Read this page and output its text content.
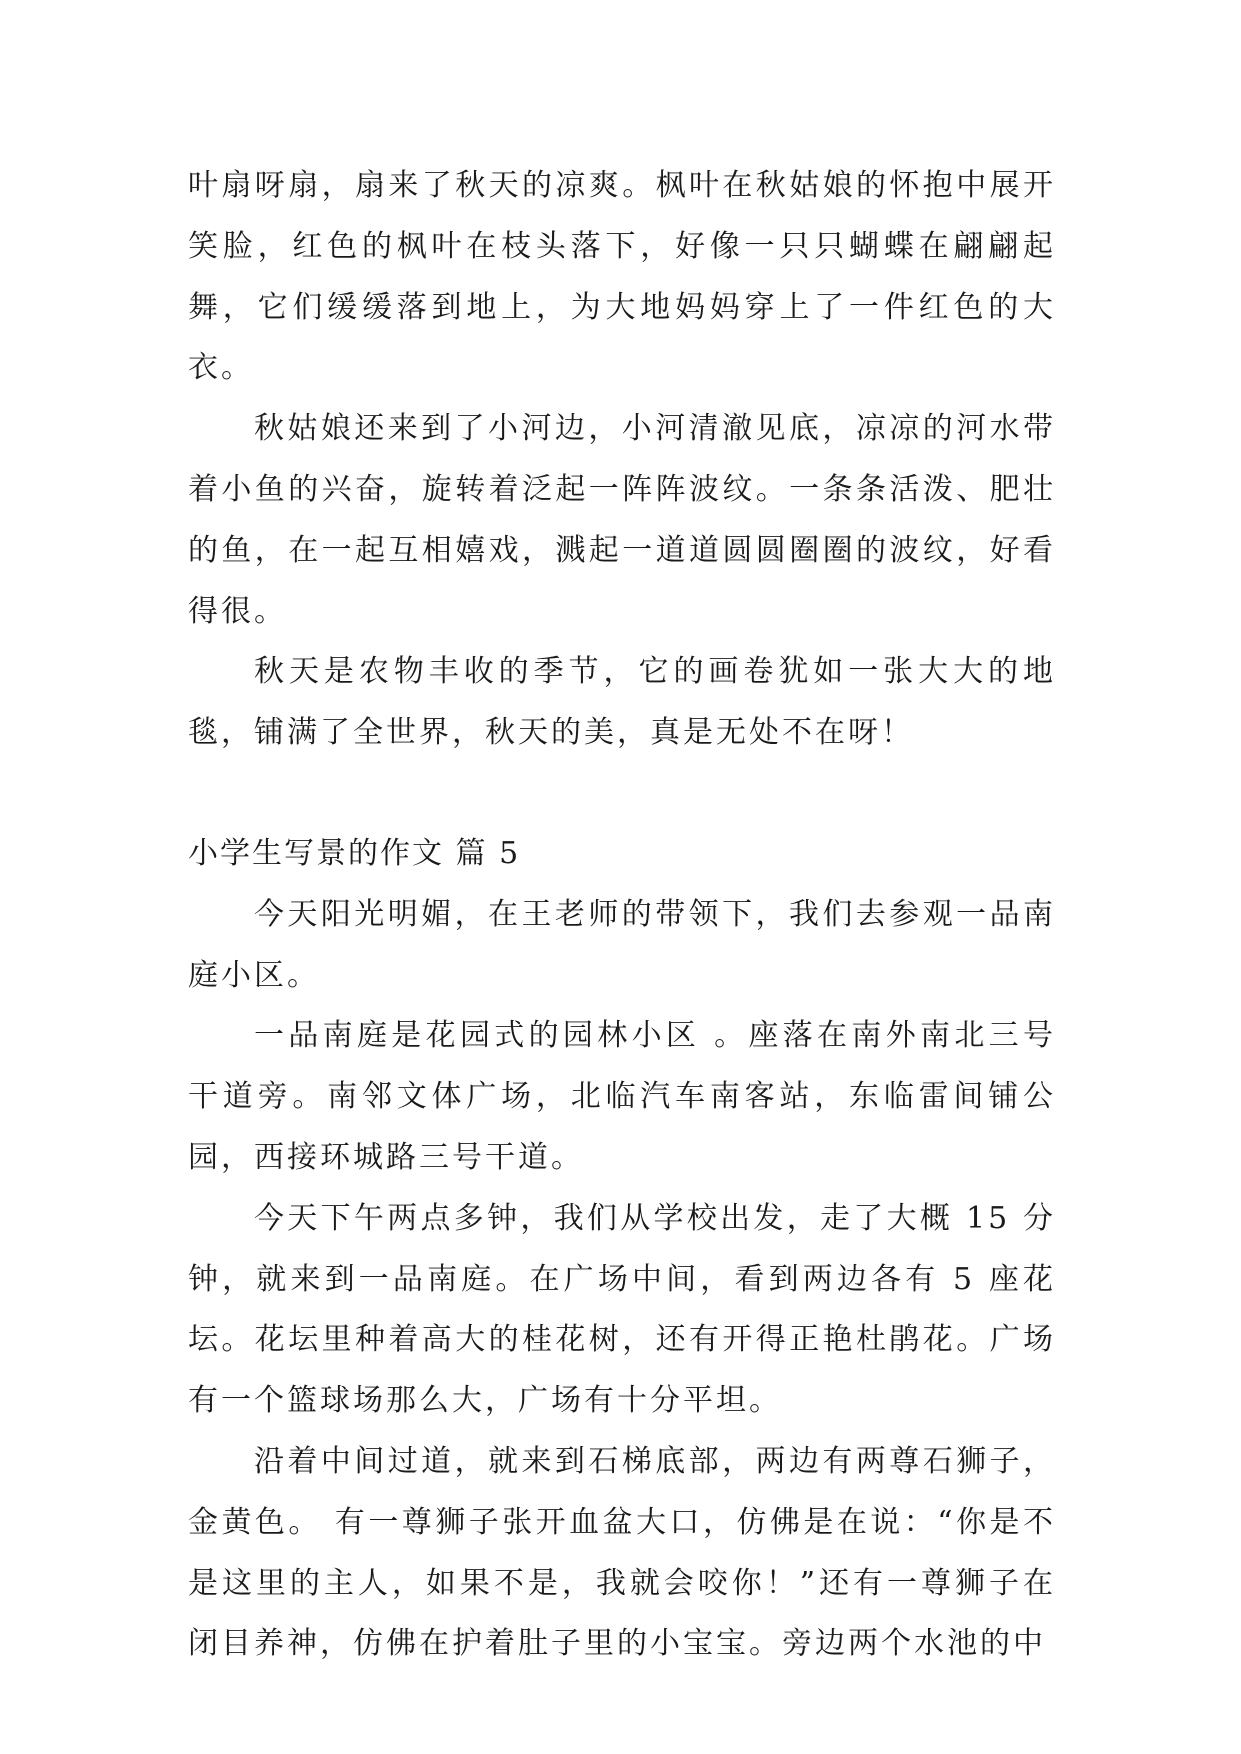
叶扇呀扇，扇来了秋天的凉爽。枫叶在秋姑娘的怀抱中展开笑脸，红色的枫叶在枝头落下，好像一只只蝴蝶在翩翩起舞，它们缓缓落到地上，为大地妈妈穿上了一件红色的大衣。

秋姑娘还来到了小河边，小河清澈见底，凉凉的河水带着小鱼的兴奋，旋转着泛起一阵阵波纹。一条条活泼、肥壮的鱼，在一起互相嬉戏，溅起一道道圆圆圈圈的波纹，好看得很。

秋天是农物丰收的季节，它的画卷犹如一张大大的地毯，铺满了全世界，秋天的美，真是无处不在呀！

小学生写景的作文 篇 5

今天阳光明媚，在王老师的带领下，我们去参观一品南庭小区。

一品南庭是花园式的园林小区 。座落在南外南北三号干道旁。南邻文体广场，北临汽车南客站，东临雷间铺公园，西接环城路三号干道。

今天下午两点多钟，我们从学校出发，走了大概 15 分钟，就来到一品南庭。在广场中间，看到两边各有 5 座花坛。花坛里种着高大的桂花树，还有开得正艳杜鹃花。广场有一个篮球场那么大，广场有十分平坦。

沿着中间过道，就来到石梯底部，两边有两尊石狮子，金黄色。 有一尊狮子张开血盆大口，仿佛是在说：“你是不是这里的主人，如果不是，我就会咬你！”还有一尊狮子在闭目养神，仿佛在护着肚子里的小宝宝。旁边两个水池的中
